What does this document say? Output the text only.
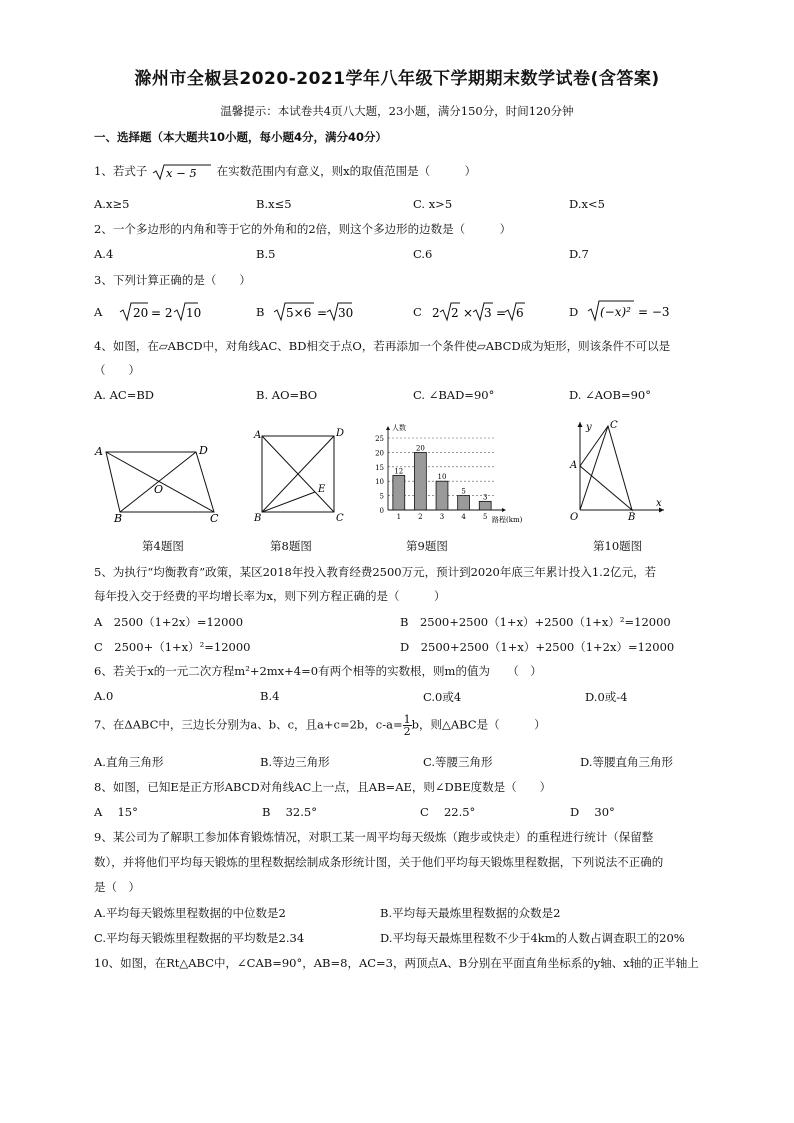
滁州市全椒县2020-2021学年八年级下学期期末数学试卷(含答案)
温馨提示：本试卷共4页八大题，23小题，满分150分，时间120分钟
一、选择题（本大题共10小题，每小题4分，满分40分）
1、若式子 x − 5 在实数范围内有意义，则x的取值范围是（　　　）
A.x≥5	B.x≤5	C. x>5	D.x<5
2、一个多边形的内角和等于它的外角和的2倍，则这个多边形的边数是（　　　）
A.4	B.5	C.6	D.7
3、下列计算正确的是（　　）
A	20 = 2 10	B 5×6 = 30	C 2 2 × 3 = 6	D (−x)² = −3
4、如图，在▱ABCD中，对角线AC、BD相交于点O，若再添加一个条件使▱ABCD成为矩形，则该条件不可以是
（　　）
A. AC=BD	B. AO=BO	C. ∠BAD=90°	D. ∠AOB=90°
A	D
O
B	C
A	D
E
B	C
0
5
10
15
20
25
12
1
20
2
10
3
5
4
3
5
人数
路程(km)
y C
A
x
O	B
第4题图	第8题图	第9题图	第10题图
5、为执行“均衡教育”政策，某区2018年投入教育经费2500万元，预计到2020年底三年累计投入1.2亿元，若
每年投入交于经费的平均增长率为x，则下列方程正确的是（　　　）
A　2500（1+2x）=12000	B　2500+2500（1+x）+2500（1+x）²=12000
C　2500+（1+x）²=12000	D　2500+2500（1+x）+2500（1+2x）=12000
6、若关于x的一元二次方程m²+2mx+4=0有两个相等的实数根，则m的值为　　（　）
A.0	B.4	C.0或4	D.0或-4
7、在ΔABC中，三边长分别为a、b、c，且a+c=2b，$c-a= \frac{1}{2}$ b，则△ABC是（　　　）
A.直角三角形	B.等边三角形	C.等腰三角形	D.等腰直角三角形
8、如图，已知E是正方形ABCD对角线AC上一点，且AB=AE，则∠DBE度数是（　　）
A　 15°	B　 32.5°	C　 22.5°	D　 30°
9、某公司为了解职工参加体育锻炼情况，对职工某一周平均每天级炼（跑步或快走）的重程进行统计（保留整
数），并将他们平均每天锻炼的里程数据绘制成条形统计图，关于他们平均每天锻炼里程数据，下列说法不正确的
是（　）
A.平均每天锻炼里程数据的中位数是2	B.平均每天最炼里程数据的众数是2
C.平均每天锻炼里程数据的平均数是2.34	D.平均每天最炼里程数不少于4km的人数占调查职工的20%
10、如图，在Rt△ABC中，∠CAB=90°，AB=8，AC=3，两顶点A、B分别在平面直角坐标系的y轴、x轴的正半轴上
